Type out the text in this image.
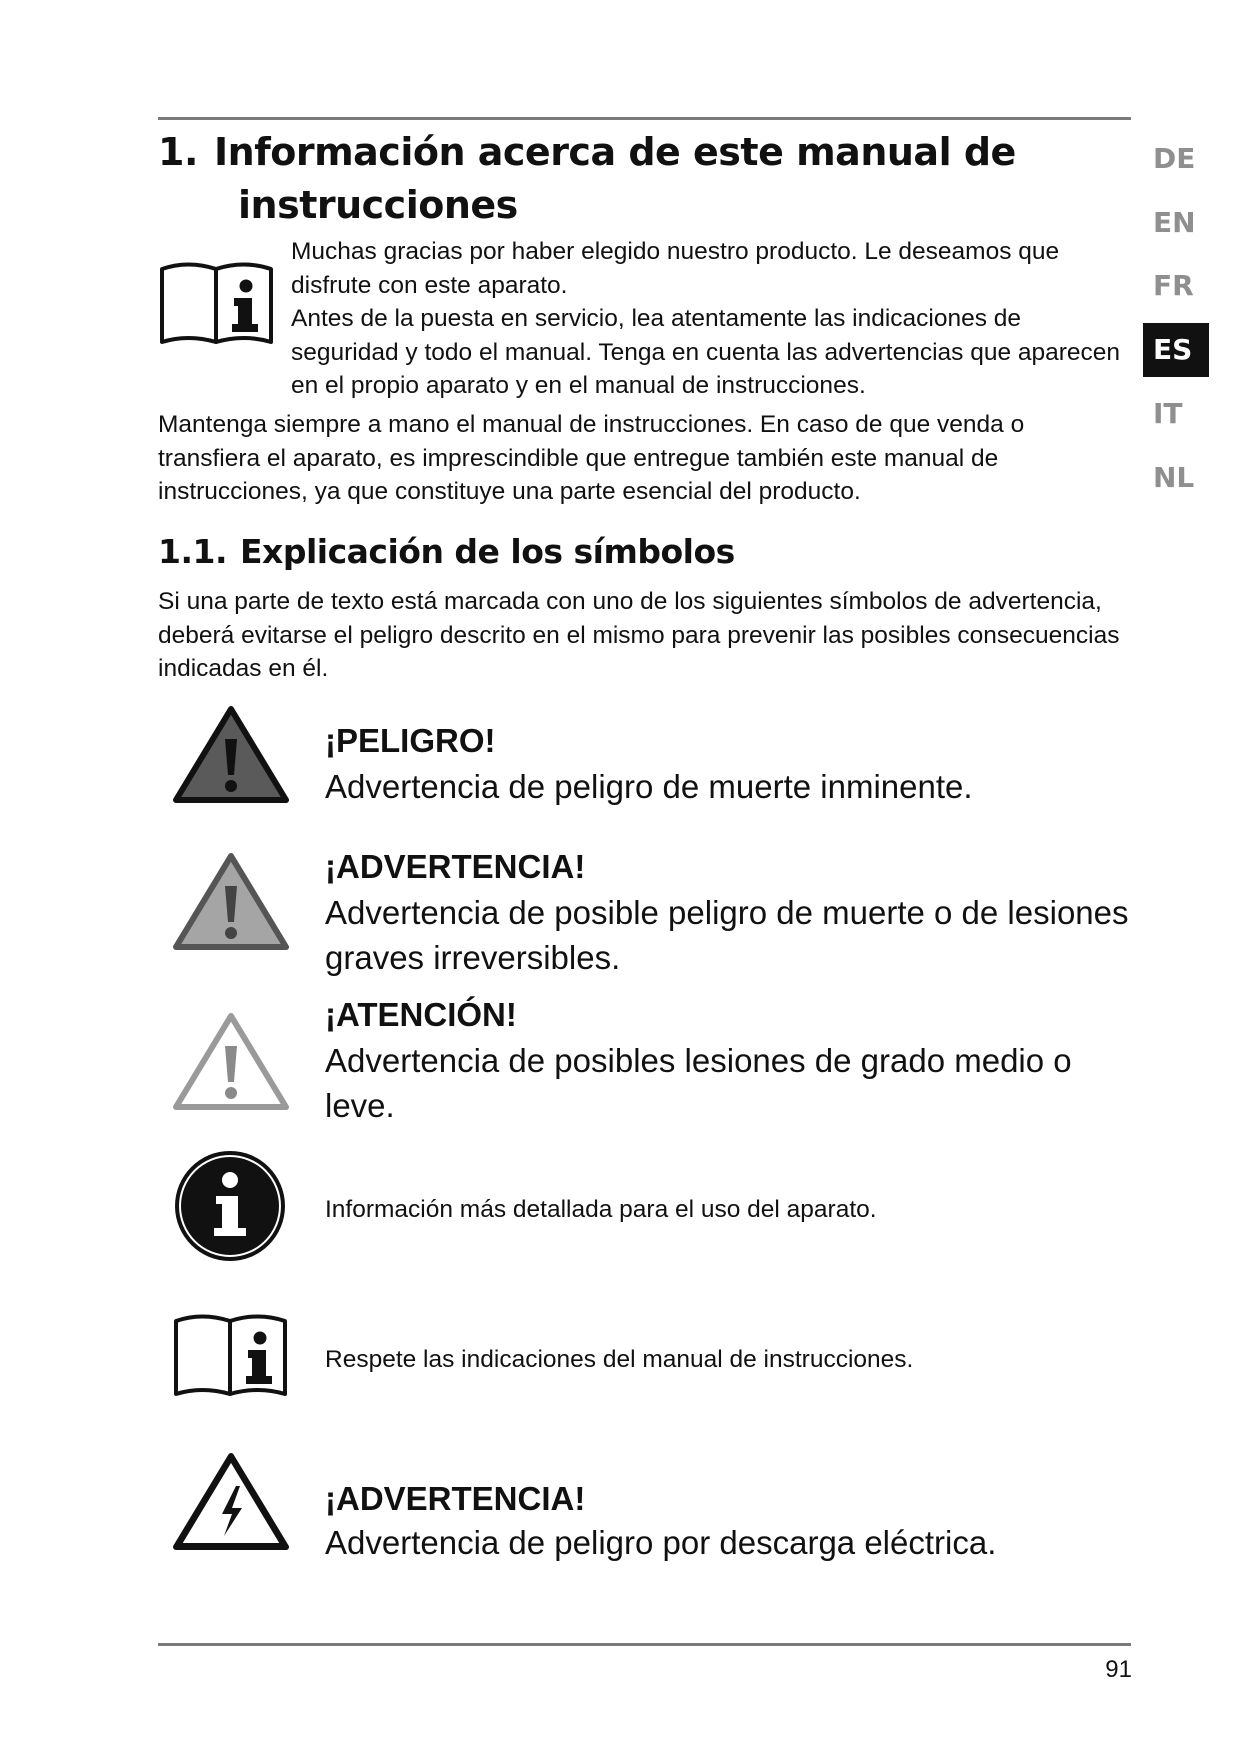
1. Información acerca de este manual de
instrucciones

Muchas gracias por haber elegido nuestro producto. Le deseamos que disfrute con este aparato.

Antes de la puesta en servicio, lea atentamente las indicaciones de seguridad y todo el manual. Tenga en cuenta las advertencias que aparecen en el propio aparato y en el manual de instrucciones.

Mantenga siempre a mano el manual de instrucciones. En caso de que venda o transfiera el aparato, es imprescindible que entregue también este manual de instrucciones, ya que constituye una parte esencial del producto.

1.1. Explicación de los símbolos

Si una parte de texto está marcada con uno de los siguientes símbolos de advertencia, deberá evitarse el peligro descrito en el mismo para prevenir las posibles consecuencias indicadas en él.

DE
EN
FR
ES
IT
NL

¡PELIGRO!

Advertencia de peligro de muerte inminente.

¡ADVERTENCIA!

Advertencia de posible peligro de muerte o de lesiones graves irreversibles.

¡ATENCIÓN!

Advertencia de posibles lesiones de grado medio o leve.

Información más detallada para el uso del aparato.

Respete las indicaciones del manual de instrucciones.

¡ADVERTENCIA!

Advertencia de peligro por descarga eléctrica.

91
